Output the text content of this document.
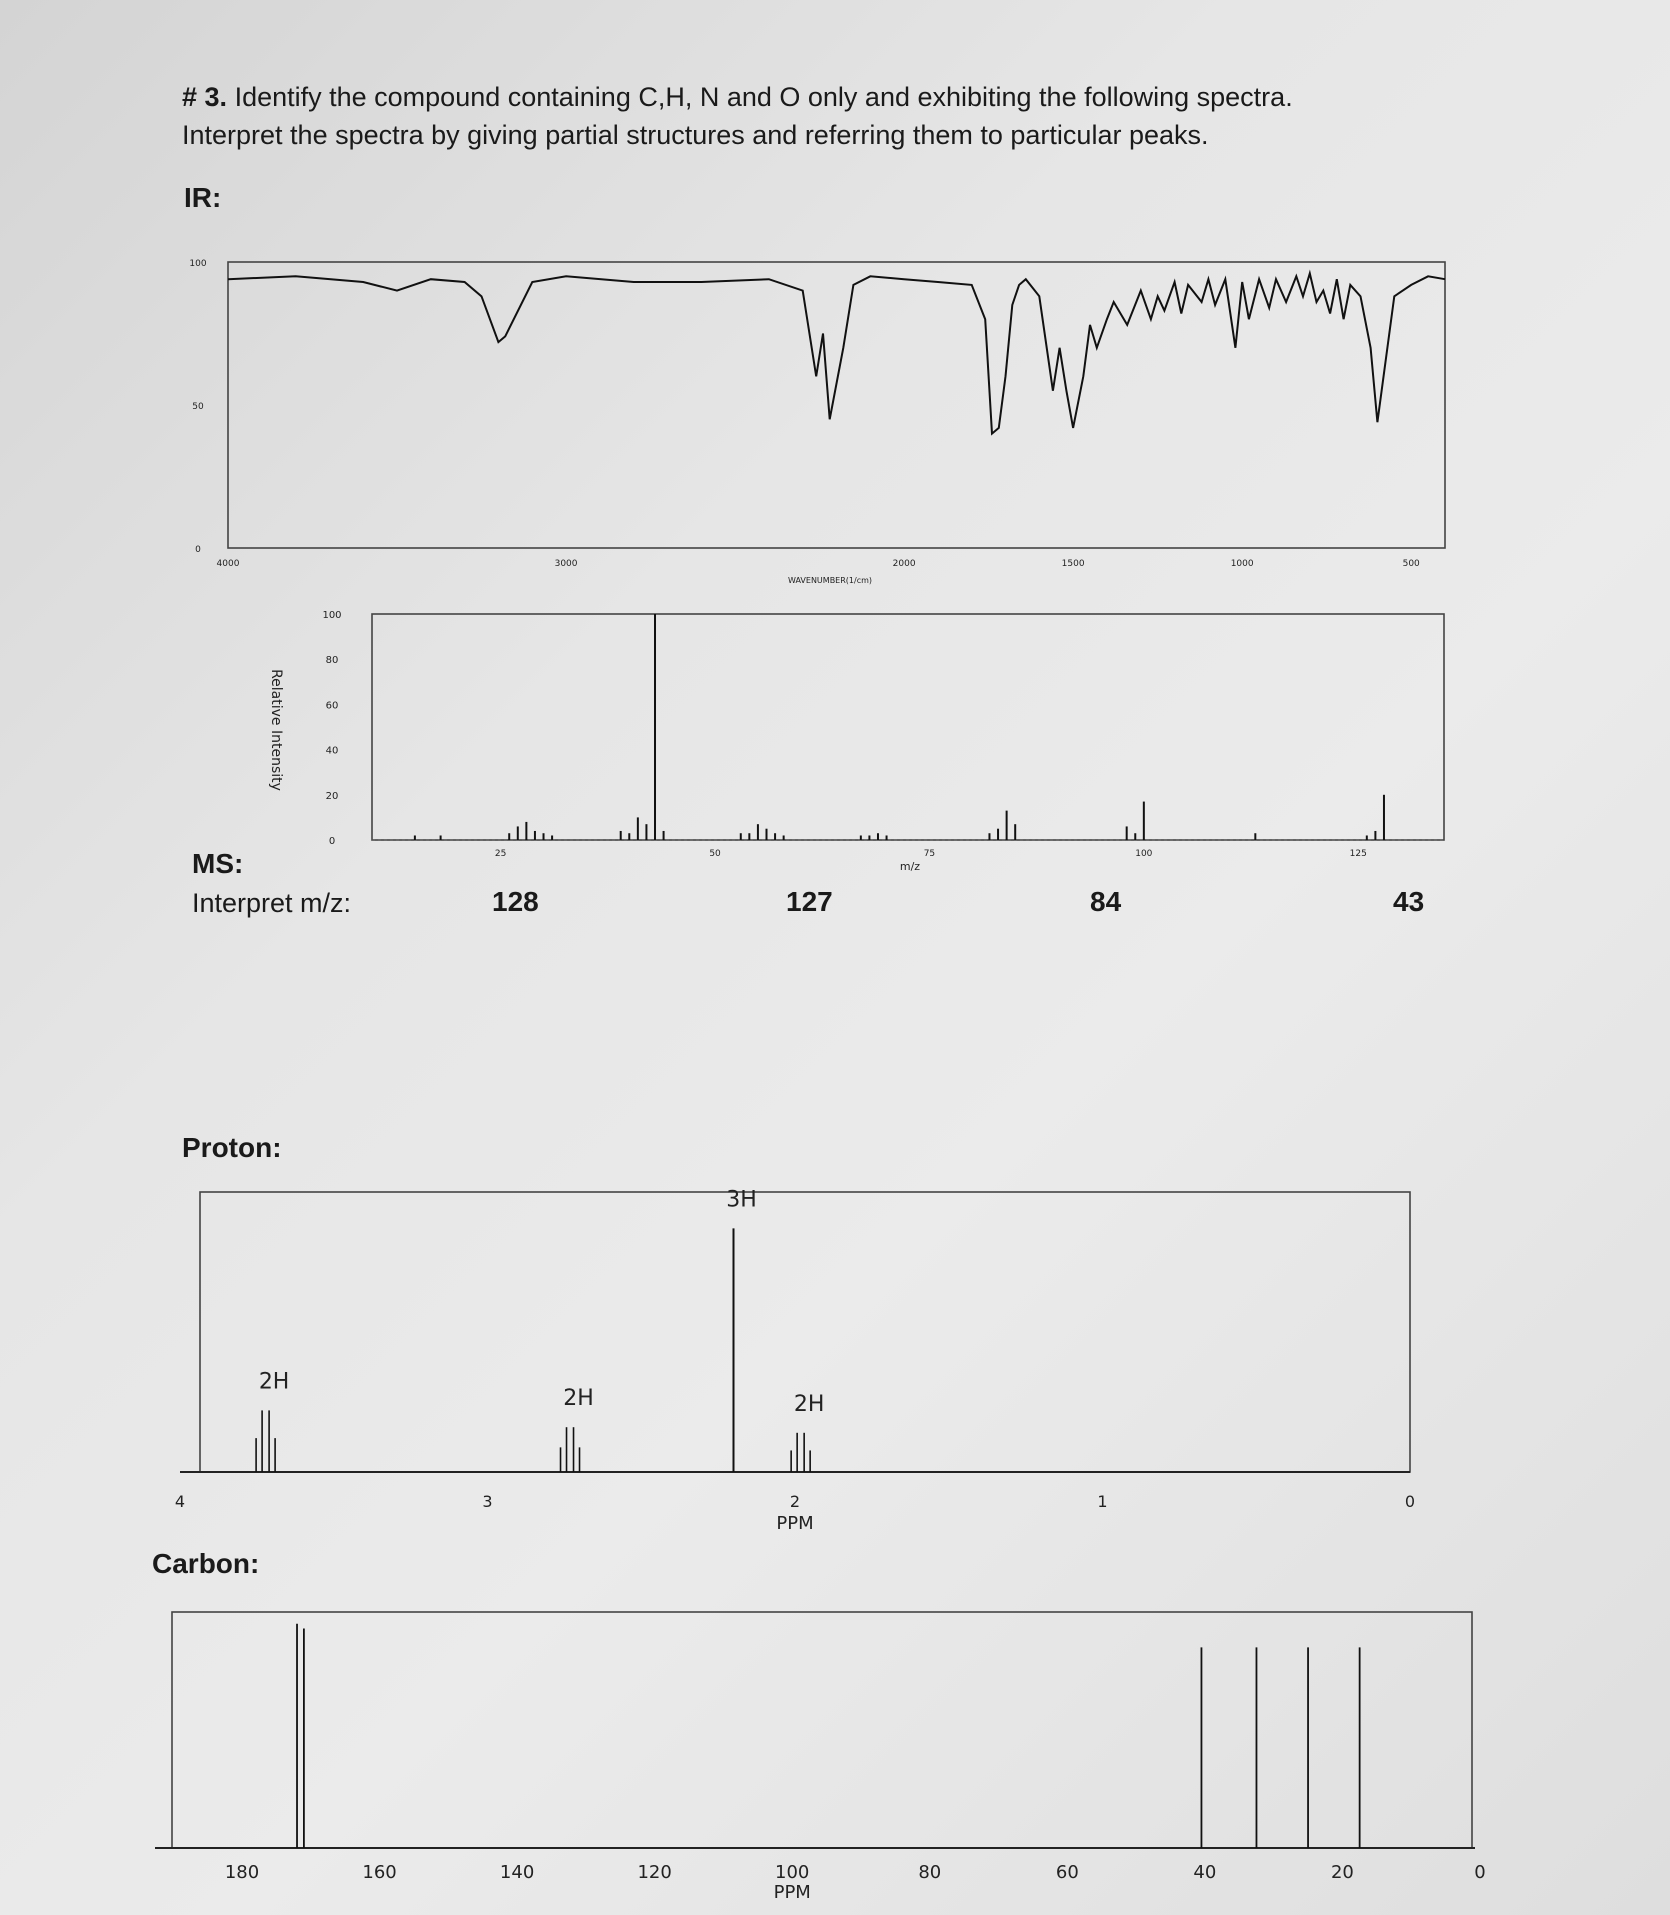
# 3. Identify the compound containing C,H, N and O only and exhibiting the following spectra.
Interpret the spectra by giving partial structures and referring them to particular peaks.
IR:
4000	3000	2000	1500	1000	500
100
50
0
WAVENUMBER(1/cm)
25	50	75	100	125
100
80
60
40
20
0
m/z
Relative Intensity
2H
2H
3H
2H
4	3	2	1	0
PPM
180	160	140	120	100	80	60	40	20	0
PPM
MS:
Interpret m/z:	128	127	84	43
Proton:
Carbon:
